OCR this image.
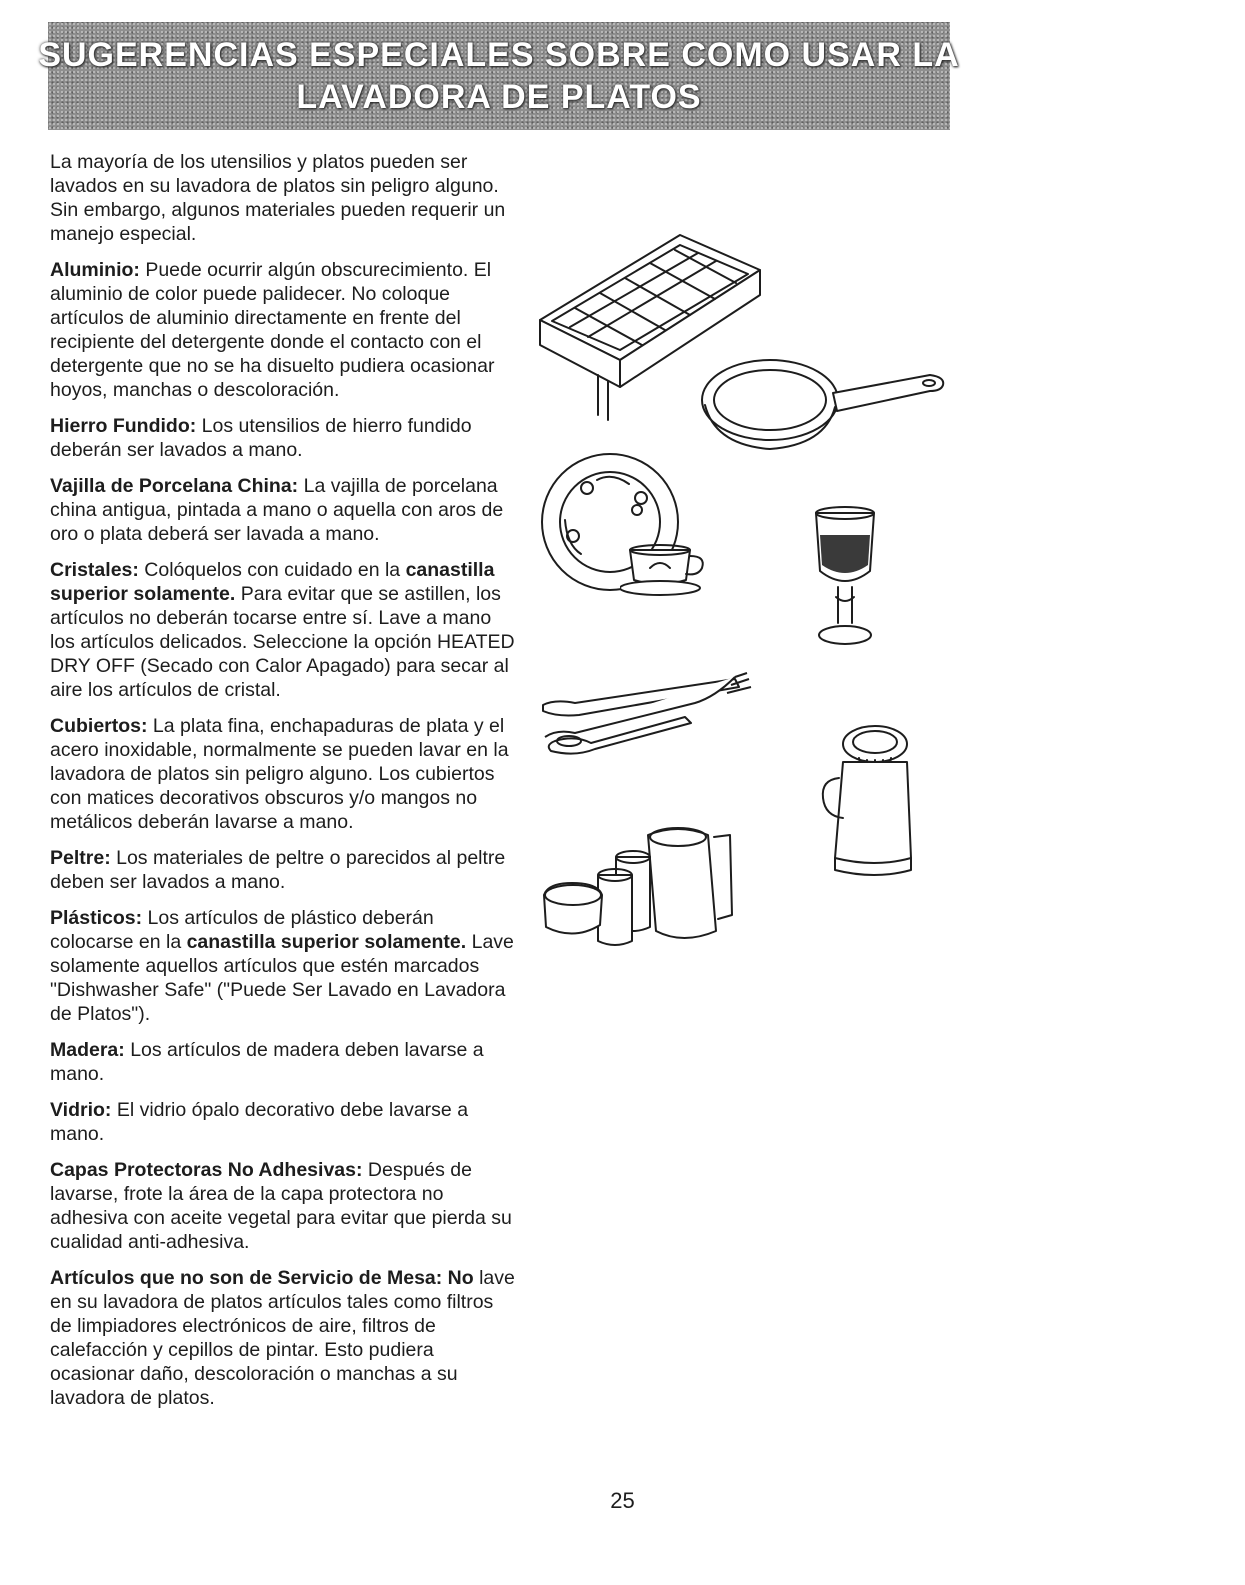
SUGERENCIAS ESPECIALES SOBRE COMO USAR LA
LAVADORA DE PLATOS

La mayoría de los utensilios y platos pueden ser lavados en su lavadora de platos sin peligro alguno. Sin embargo, algunos materiales pueden requerir un manejo especial.

Aluminio: Puede ocurrir algún obscurecimiento. El aluminio de color puede palidecer. No coloque artículos de aluminio directamente en frente del recipiente del detergente donde el contacto con el detergente que no se ha disuelto pudiera ocasionar hoyos, manchas o descoloración.

Hierro Fundido: Los utensilios de hierro fundido deberán ser lavados a mano.

Vajilla de Porcelana China: La vajilla de porcelana china antigua, pintada a mano o aquella con aros de oro o plata deberá ser lavada a mano.

Cristales: Colóquelos con cuidado en la canastilla superior solamente. Para evitar que se astillen, los artículos no deberán tocarse entre sí. Lave a mano los artículos delicados. Seleccione la opción HEATED DRY OFF (Secado con Calor Apagado) para secar al aire los artículos de cristal.

Cubiertos: La plata fina, enchapaduras de plata y el acero inoxidable, normalmente se pueden lavar en la lavadora de platos sin peligro alguno. Los cubiertos con matices decorativos obscuros y/o mangos no metálicos deberán lavarse a mano.

Peltre: Los materiales de peltre o parecidos al peltre deben ser lavados a mano.

Plásticos: Los artículos de plástico deberán colocarse en la canastilla superior solamente. Lave solamente aquellos artículos que estén marcados "Dishwasher Safe" ("Puede Ser Lavado en Lavadora de Platos").

Madera: Los artículos de madera deben lavarse a mano.

Vidrio: El vidrio ópalo decorativo debe lavarse a mano.

Capas Protectoras No Adhesivas: Después de lavarse, frote la área de la capa protectora no adhesiva con aceite vegetal para evitar que pierda su cualidad anti-adhesiva.

Artículos que no son de Servicio de Mesa: No lave en su lavadora de platos artículos tales como filtros de limpiadores electrónicos de aire, filtros de calefacción y cepillos de pintar. Esto pudiera ocasionar daño, descoloración o manchas a su lavadora de platos.

25
